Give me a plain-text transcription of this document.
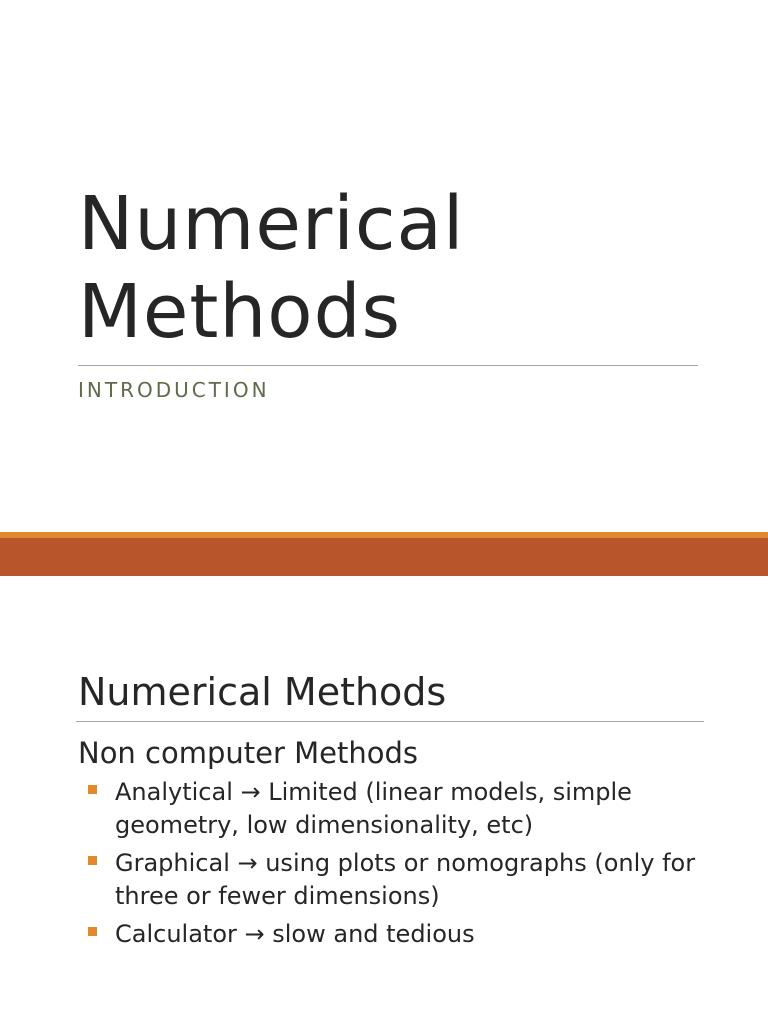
Numerical
Methods

INTRODUCTION

Numerical Methods

Non computer Methods

Analytical → Limited (linear models, simple geometry, low dimensionality, etc)
Graphical → using plots or nomographs (only for three or fewer dimensions)
Calculator → slow and tedious
